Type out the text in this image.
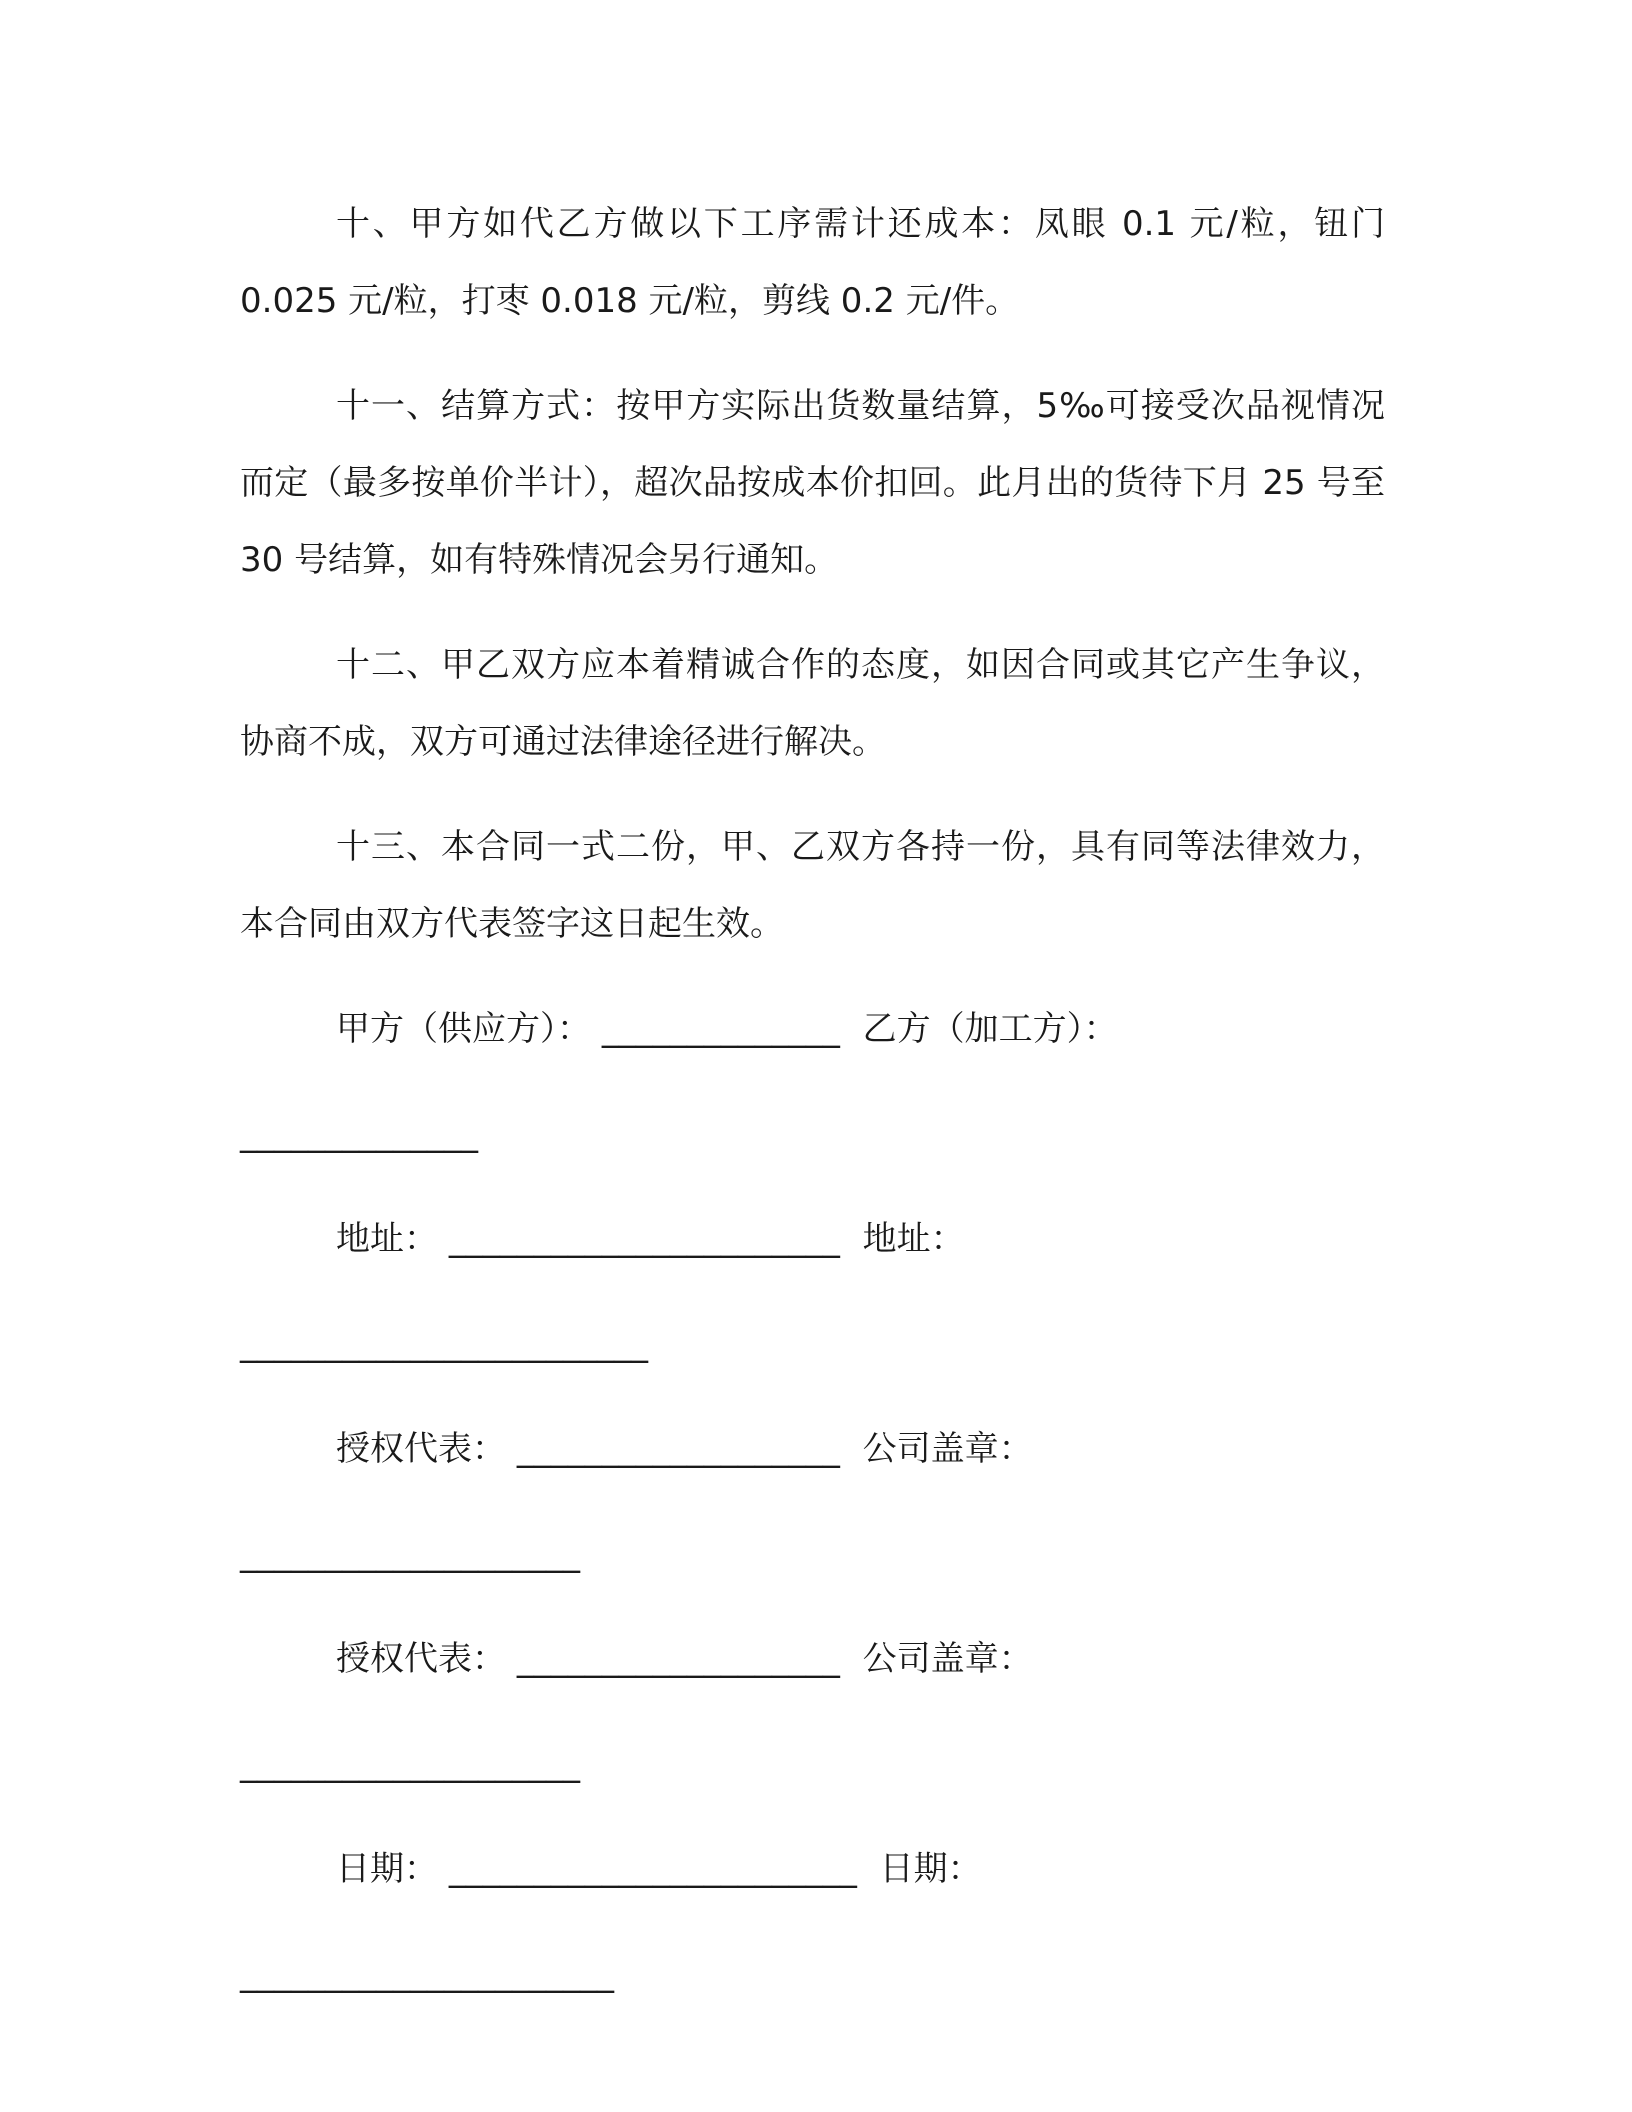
十、甲方如代乙方做以下工序需计还成本：凤眼 0.1 元/粒，钮门 0.025 元/粒，打枣 0.018 元/粒，剪线 0.2 元/件。

十一、结算方式：按甲方实际出货数量结算，5‰可接受次品视情况而定（最多按单价半计），超次品按成本价扣回。此月出的货待下月 25 号至 30 号结算，如有特殊情况会另行通知。

十二、甲乙双方应本着精诚合作的态度，如因合同或其它产生争议，协商不成，双方可通过法律途径进行解决。

十三、本合同一式二份，甲、乙双方各持一份，具有同等法律效力，本合同由双方代表签字这日起生效。

甲方（供应方）： ______________ 乙方（加工方）：

______________

地址： _______________________ 地址：

________________________

授权代表： ___________________ 公司盖章：

____________________

授权代表： ___________________ 公司盖章：

____________________

日期： ________________________ 日期：

______________________
